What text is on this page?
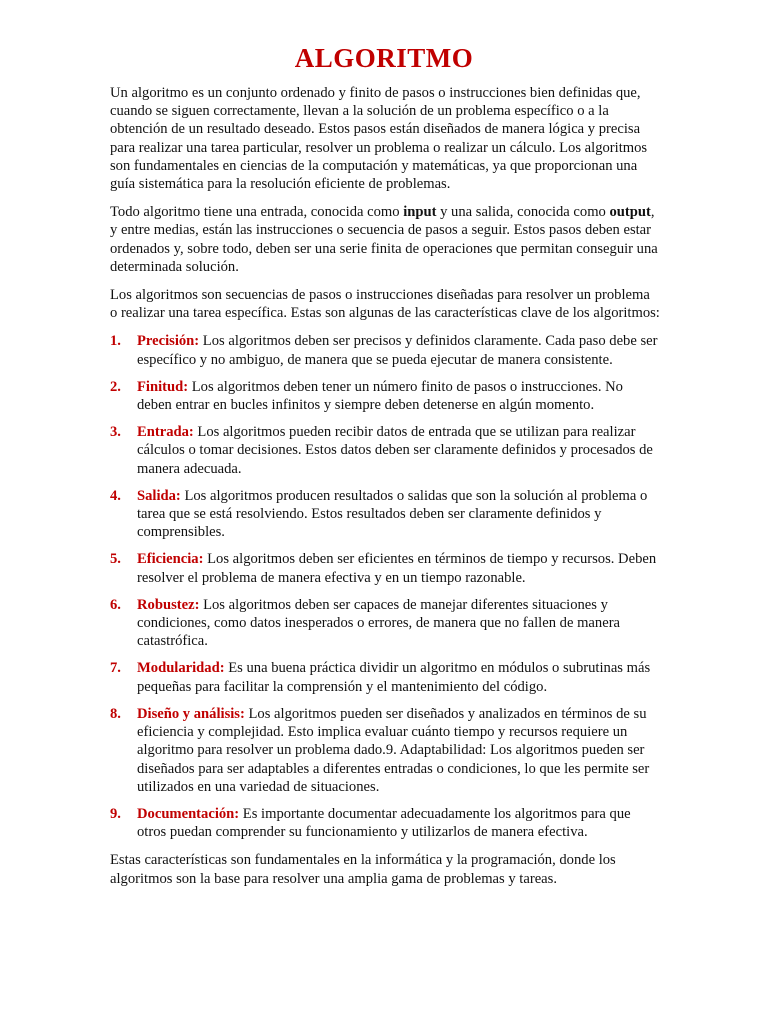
ALGORITMO

Un algoritmo es un conjunto ordenado y finito de pasos o instrucciones bien definidas que, cuando se siguen correctamente, llevan a la solución de un problema específico o a la obtención de un resultado deseado. Estos pasos están diseñados de manera lógica y precisa para realizar una tarea particular, resolver un problema o realizar un cálculo. Los algoritmos son fundamentales en ciencias de la computación y matemáticas, ya que proporcionan una guía sistemática para la resolución eficiente de problemas.

Todo algoritmo tiene una entrada, conocida como input y una salida, conocida como output, y entre medias, están las instrucciones o secuencia de pasos a seguir. Estos pasos deben estar ordenados y, sobre todo, deben ser una serie finita de operaciones que permitan conseguir una determinada solución.

Los algoritmos son secuencias de pasos o instrucciones diseñadas para resolver un problema o realizar una tarea específica. Estas son algunas de las características clave de los algoritmos:

1. Precisión: Los algoritmos deben ser precisos y definidos claramente. Cada paso debe ser específico y no ambiguo, de manera que se pueda ejecutar de manera consistente.
2. Finitud: Los algoritmos deben tener un número finito de pasos o instrucciones. No deben entrar en bucles infinitos y siempre deben detenerse en algún momento.
3. Entrada: Los algoritmos pueden recibir datos de entrada que se utilizan para realizar cálculos o tomar decisiones. Estos datos deben ser claramente definidos y procesados de manera adecuada.
4. Salida: Los algoritmos producen resultados o salidas que son la solución al problema o tarea que se está resolviendo. Estos resultados deben ser claramente definidos y comprensibles.
5. Eficiencia: Los algoritmos deben ser eficientes en términos de tiempo y recursos. Deben resolver el problema de manera efectiva y en un tiempo razonable.
6. Robustez: Los algoritmos deben ser capaces de manejar diferentes situaciones y condiciones, como datos inesperados o errores, de manera que no fallen de manera catastrófica.
7. Modularidad: Es una buena práctica dividir un algoritmo en módulos o subrutinas más pequeñas para facilitar la comprensión y el mantenimiento del código.
8. Diseño y análisis: Los algoritmos pueden ser diseñados y analizados en términos de su eficiencia y complejidad. Esto implica evaluar cuánto tiempo y recursos requiere un algoritmo para resolver un problema dado.9. Adaptabilidad: Los algoritmos pueden ser diseñados para ser adaptables a diferentes entradas o condiciones, lo que les permite ser utilizados en una variedad de situaciones.
9. Documentación: Es importante documentar adecuadamente los algoritmos para que otros puedan comprender su funcionamiento y utilizarlos de manera efectiva.

Estas características son fundamentales en la informática y la programación, donde los algoritmos son la base para resolver una amplia gama de problemas y tareas.
